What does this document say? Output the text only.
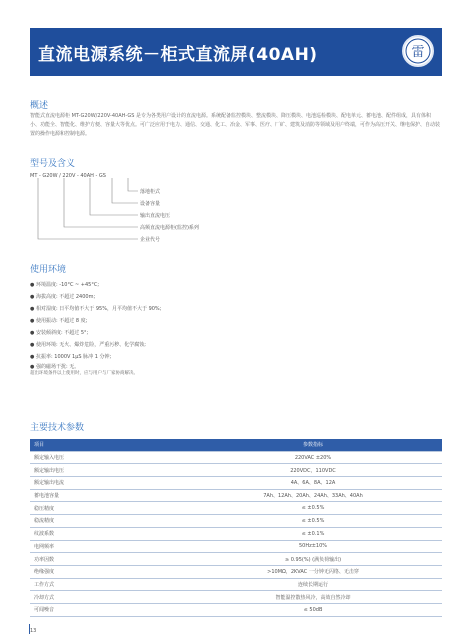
直流电源系统－柜式直流屏(40AH)	雷
概述
智能式直流电源柜 MT-G20W/220V-40AH-GS 是专为各类用户设计的直流电源。系统配备监控模块、整流模块、降压模块、电池巡检模块、配电单元、蓄电池、配件组成，具有体积小、功能全、智能化、维护方便、容量大等优点。可广泛应用于电力、通信、交通、化工、冶金、军事、医疗、厂矿、建筑及消防等领域及用户终端，可作为高压开关、继电保护、自动装置的操作电源和控制电源。
型号及含义
MT - G20W / 220V - 40AH - GS
落地柜式
设备容量
输出直流电压
高频直流电源柜(监控)系列
企业代号
使用环境
● 环境温度: -10°C ~ +45°C;
● 海拔高度: 不超过 2400m;
● 相对湿度: 日平均值不大于 95%，月平均值不大于 90%;
● 使用振动: 不超过 8 度;
● 安装倾斜度: 不超过 5°;
● 使用环境: 无火、爆炸危险，严重污秽、化学腐蚀;
● 抗振率: 1000V 1μS 脉冲 1 分钟;
● 强的磁场干扰: 无。
超出环境条件以上使用时，应与用户与厂家协商解决。
主要技术参数
项目	参数指标
额定输入电压	220VAC ±20%
额定输出电压	220VDC，110VDC
额定输出电流	4A、6A、8A、12A
蓄电池容量	7Ah、12Ah、20Ah、24Ah、33Ah、40Ah
稳压精度	≤ ±0.5%
稳流精度	≤ ±0.5%
纹波系数	≤ ±0.1%
电网频率	50Hz±10%
功率因数	≥ 0.95(%) (满负荷输出)
绝缘强度	>10MΩ，2KVAC 一分钟无闪络、无击穿
工作方式	连续长期运行
冷却方式	智能温控散热风冷，高效自然冷却
可闻噪音	≤ 50dB
13
